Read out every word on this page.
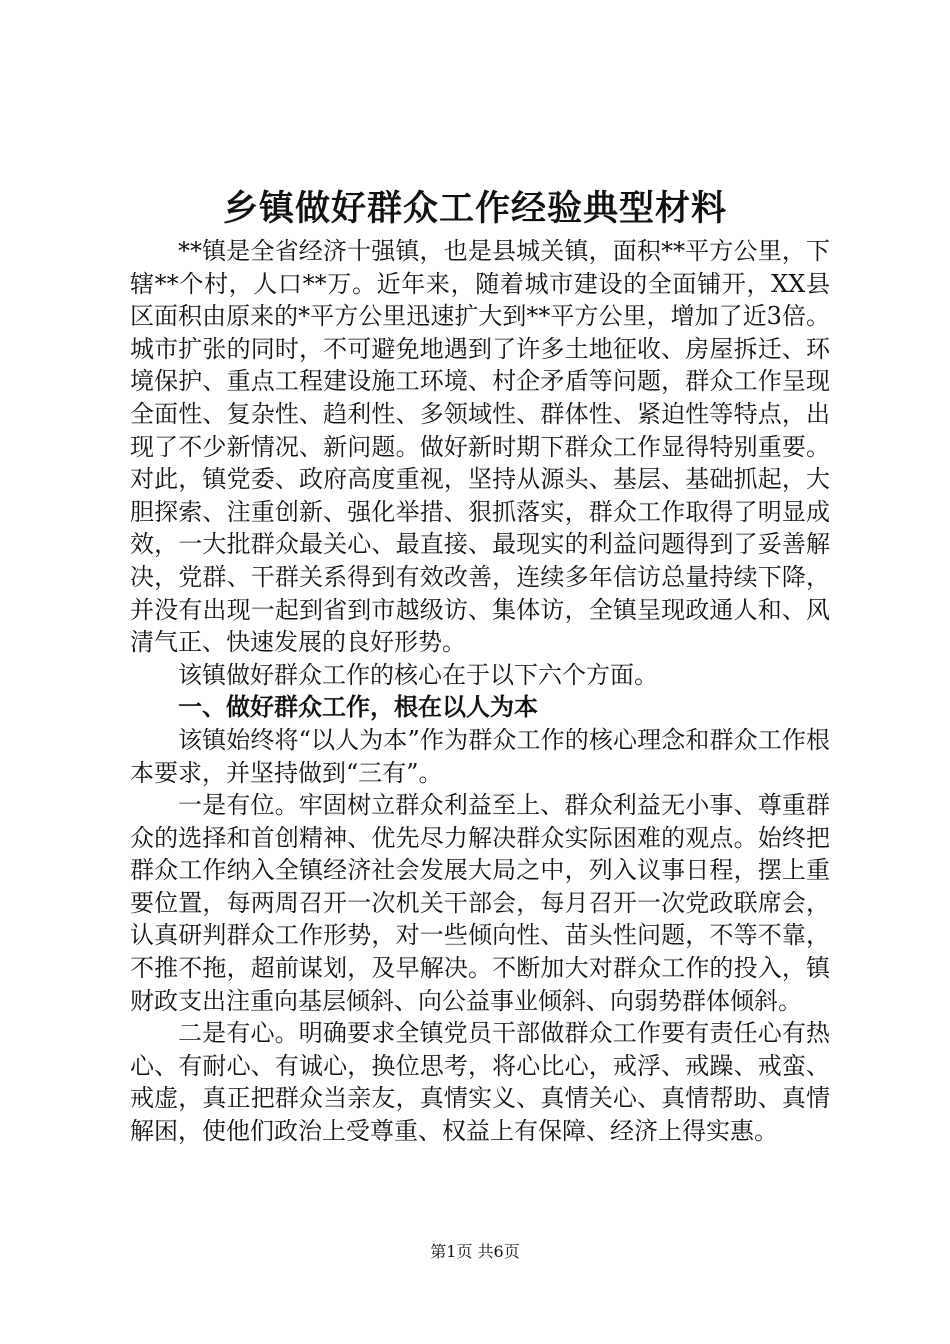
乡镇做好群众工作经验典型材料

**镇是全省经济十强镇，也是县城关镇，面积**平方公里，下辖**个村，人口**万。近年来，随着城市建设的全面铺开，XX县区面积由原来的*平方公里迅速扩大到**平方公里，增加了近3倍。城市扩张的同时，不可避免地遇到了许多土地征收、房屋拆迁、环境保护、重点工程建设施工环境、村企矛盾等问题，群众工作呈现全面性、复杂性、趋利性、多领域性、群体性、紧迫性等特点，出现了不少新情况、新问题。做好新时期下群众工作显得特别重要。对此，镇党委、政府高度重视，坚持从源头、基层、基础抓起，大胆探索、注重创新、强化举措、狠抓落实，群众工作取得了明显成效，一大批群众最关心、最直接、最现实的利益问题得到了妥善解决，党群、干群关系得到有效改善，连续多年信访总量持续下降，并没有出现一起到省到市越级访、集体访，全镇呈现政通人和、风清气正、快速发展的良好形势。

该镇做好群众工作的核心在于以下六个方面。

一、做好群众工作，根在以人为本

该镇始终将“以人为本”作为群众工作的核心理念和群众工作根本要求，并坚持做到“三有”。

一是有位。牢固树立群众利益至上、群众利益无小事、尊重群众的选择和首创精神、优先尽力解决群众实际困难的观点。始终把群众工作纳入全镇经济社会发展大局之中，列入议事日程，摆上重要位置，每两周召开一次机关干部会，每月召开一次党政联席会，认真研判群众工作形势，对一些倾向性、苗头性问题，不等不靠，不推不拖，超前谋划，及早解决。不断加大对群众工作的投入，镇财政支出注重向基层倾斜、向公益事业倾斜、向弱势群体倾斜。

二是有心。明确要求全镇党员干部做群众工作要有责任心有热心、有耐心、有诚心，换位思考，将心比心，戒浮、戒躁、戒蛮、戒虚，真正把群众当亲友，真情实义、真情关心、真情帮助、真情解困，使他们政治上受尊重、权益上有保障、经济上得实惠。

第1页 共6页
